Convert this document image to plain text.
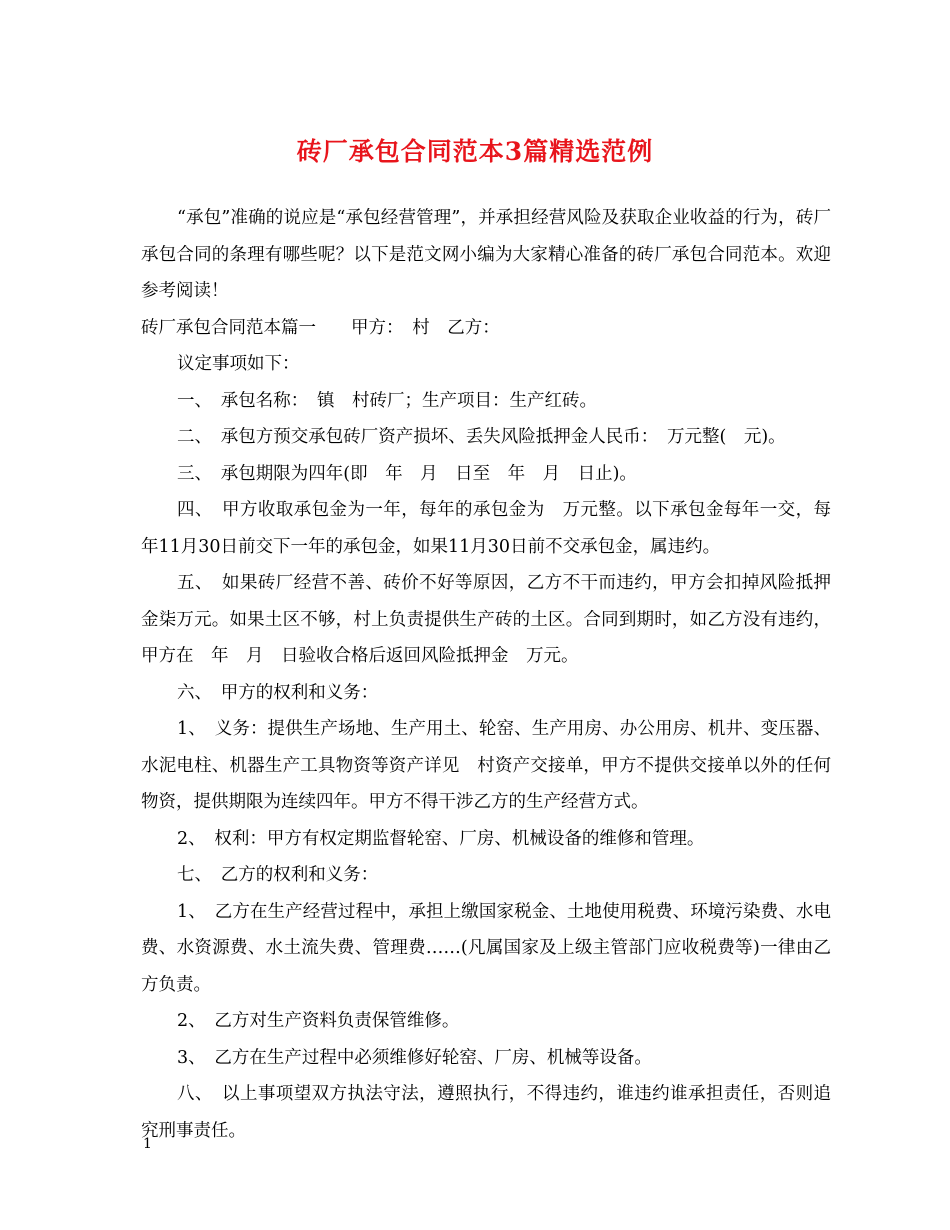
砖厂承包合同范本3篇精选范例

“承包”准确的说应是“承包经营管理”，并承担经营风险及获取企业收益的行为，砖厂承包合同的条理有哪些呢？以下是范文网小编为大家精心准备的砖厂承包合同范本。欢迎参考阅读！

砖厂承包合同范本篇一　　甲方：　村　乙方：

议定事项如下：

一、　承包名称：　镇　村砖厂；生产项目：生产红砖。

二、　承包方预交承包砖厂资产损坏、丢失风险抵押金人民币：　万元整(　元)。

三、　承包期限为四年(即　年　月　日至　年　月　日止)。

四、　甲方收取承包金为一年，每年的承包金为　万元整。以下承包金每年一交，每年11月30日前交下一年的承包金，如果11月30日前不交承包金，属违约。

五、　如果砖厂经营不善、砖价不好等原因，乙方不干而违约，甲方会扣掉风险抵押金柒万元。如果土区不够，村上负责提供生产砖的土区。合同到期时，如乙方没有违约，甲方在　年　月　日验收合格后返回风险抵押金　万元。

六、　甲方的权利和义务：

1、　义务：提供生产场地、生产用土、轮窑、生产用房、办公用房、机井、变压器、水泥电柱、机器生产工具物资等资产详见　村资产交接单，甲方不提供交接单以外的任何物资，提供期限为连续四年。甲方不得干涉乙方的生产经营方式。

2、　权利：甲方有权定期监督轮窑、厂房、机械设备的维修和管理。

七、　乙方的权利和义务：

1、　乙方在生产经营过程中，承担上缴国家税金、土地使用税费、环境污染费、水电费、水资源费、水土流失费、管理费……(凡属国家及上级主管部门应收税费等)一律由乙方负责。

2、　乙方对生产资料负责保管维修。

3、　乙方在生产过程中必须维修好轮窑、厂房、机械等设备。

八、　以上事项望双方执法守法，遵照执行，不得违约，谁违约谁承担责任，否则追究刑事责任。

1
